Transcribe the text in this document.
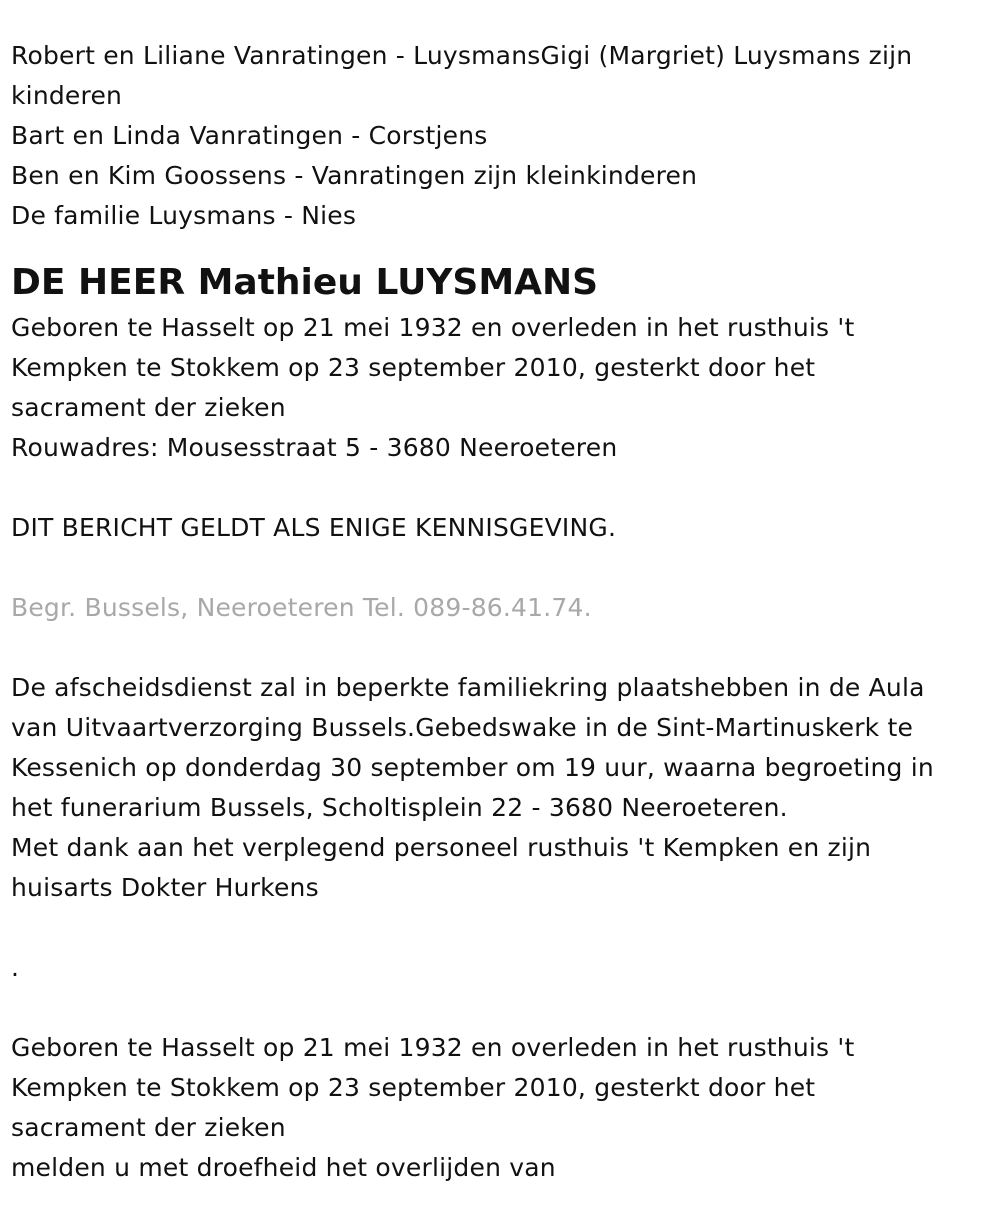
Robert en Liliane Vanratingen - LuysmansGigi (Margriet) Luysmans zijn
kinderen
Bart en Linda Vanratingen - Corstjens
Ben en Kim Goossens - Vanratingen zijn kleinkinderen
De familie Luysmans - Nies
DE HEER Mathieu LUYSMANS
Geboren te Hasselt op 21 mei 1932 en overleden in het rusthuis 't
Kempken te Stokkem op 23 september 2010, gesterkt door het
sacrament der zieken
Rouwadres: Mousesstraat 5 - 3680 Neeroeteren
DIT BERICHT GELDT ALS ENIGE KENNISGEVING.
Begr. Bussels, Neeroeteren Tel. 089-86.41.74.
De afscheidsdienst zal in beperkte familiekring plaatshebben in de Aula
van Uitvaartverzorging Bussels.Gebedswake in de Sint-Martinuskerk te
Kessenich op donderdag 30 september om 19 uur, waarna begroeting in
het funerarium Bussels, Scholtisplein 22 - 3680 Neeroeteren.
Met dank aan het verplegend personeel rusthuis 't Kempken en zijn
huisarts Dokter Hurkens
.
Geboren te Hasselt op 21 mei 1932 en overleden in het rusthuis 't
Kempken te Stokkem op 23 september 2010, gesterkt door het
sacrament der zieken
melden u met droefheid het overlijden van
